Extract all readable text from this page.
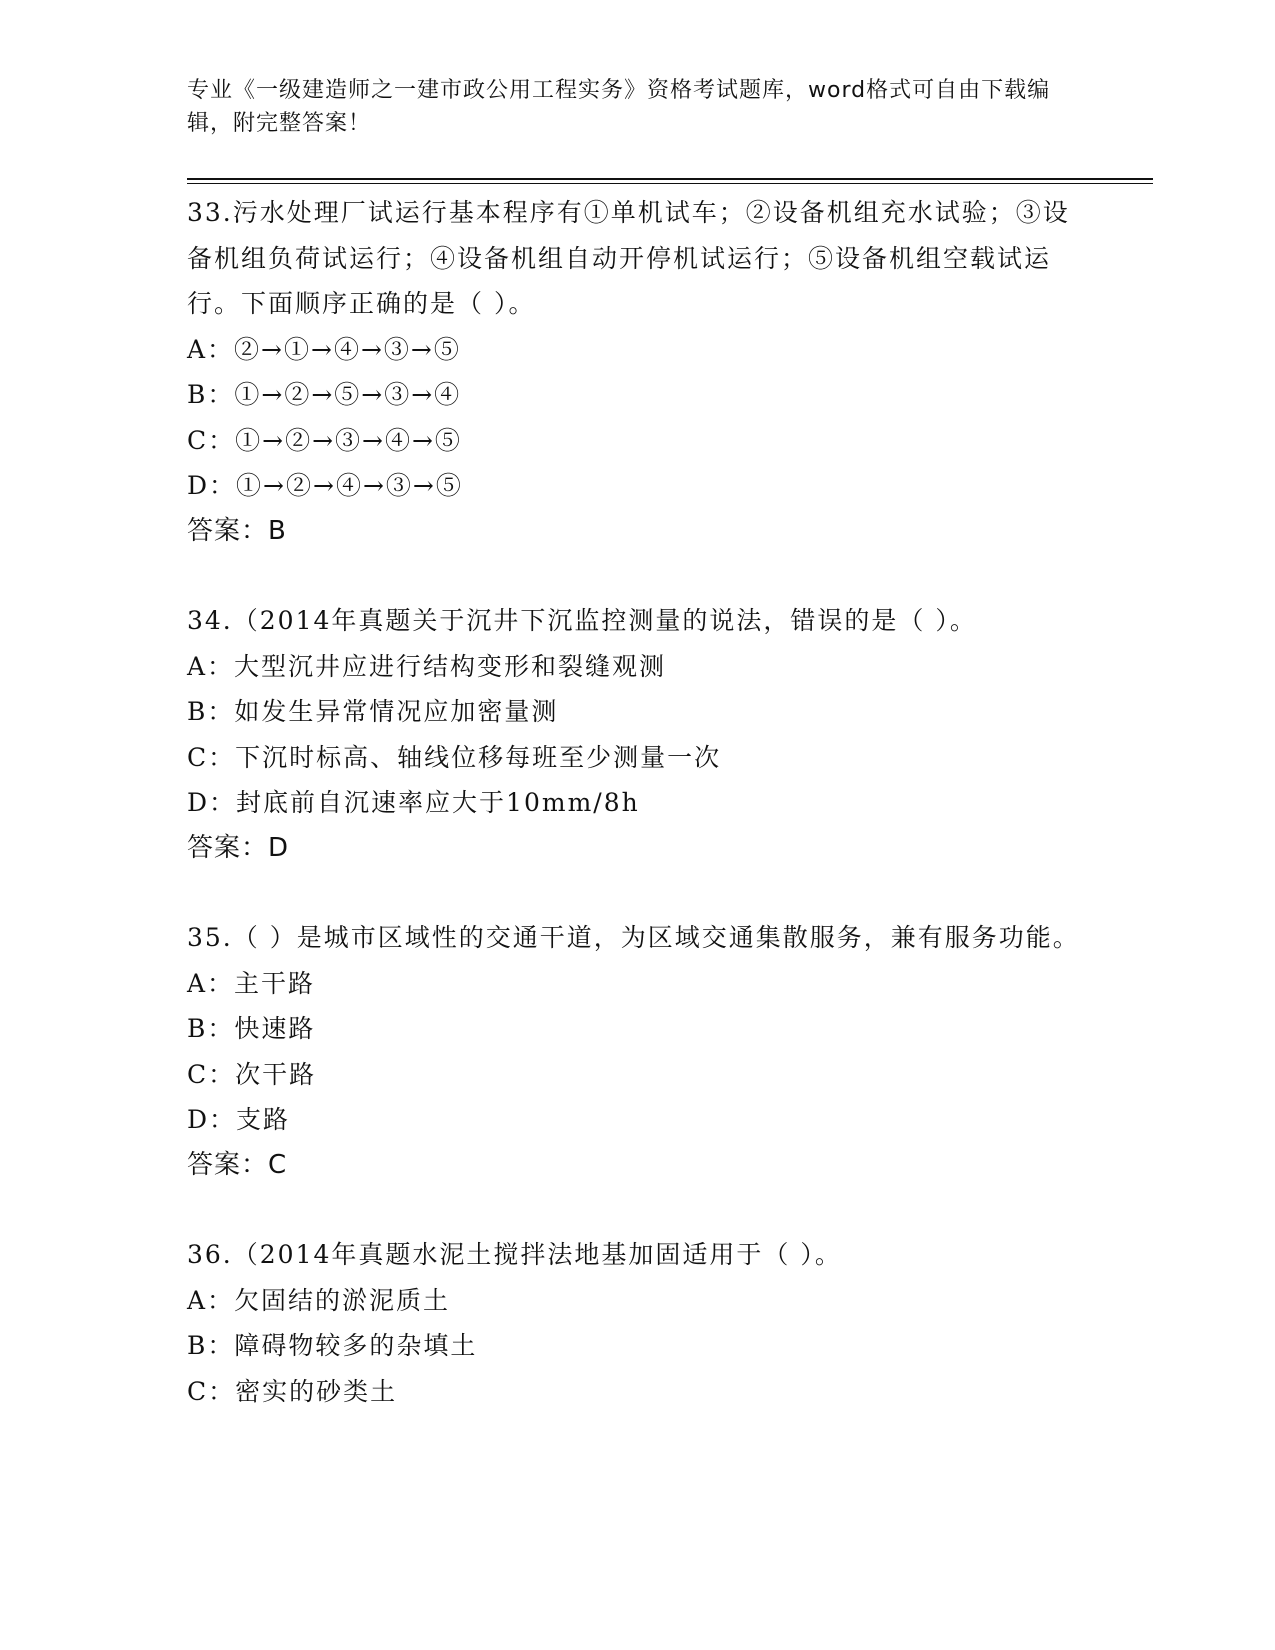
专业《一级建造师之一建市政公用工程实务》资格考试题库，word格式可自由下载编辑，附完整答案！
33.污水处理厂试运行基本程序有①单机试车；②设备机组充水试验；③设备机组负荷试运行；④设备机组自动开停机试运行；⑤设备机组空载试运行。下面顺序正确的是（ ）。
A：②→①→④→③→⑤
B：①→②→⑤→③→④
C：①→②→③→④→⑤
D：①→②→④→③→⑤
答案：B
34.（2014年真题关于沉井下沉监控测量的说法，错误的是（ ）。
A：大型沉井应进行结构变形和裂缝观测
B：如发生异常情况应加密量测
C：下沉时标高、轴线位移每班至少测量一次
D：封底前自沉速率应大于10mm/8h
答案：D
35.（ ）是城市区域性的交通干道，为区域交通集散服务，兼有服务功能。
A：主干路
B：快速路
C：次干路
D：支路
答案：C
36.（2014年真题水泥土搅拌法地基加固适用于（ ）。
A：欠固结的淤泥质土
B：障碍物较多的杂填土
C：密实的砂类土
